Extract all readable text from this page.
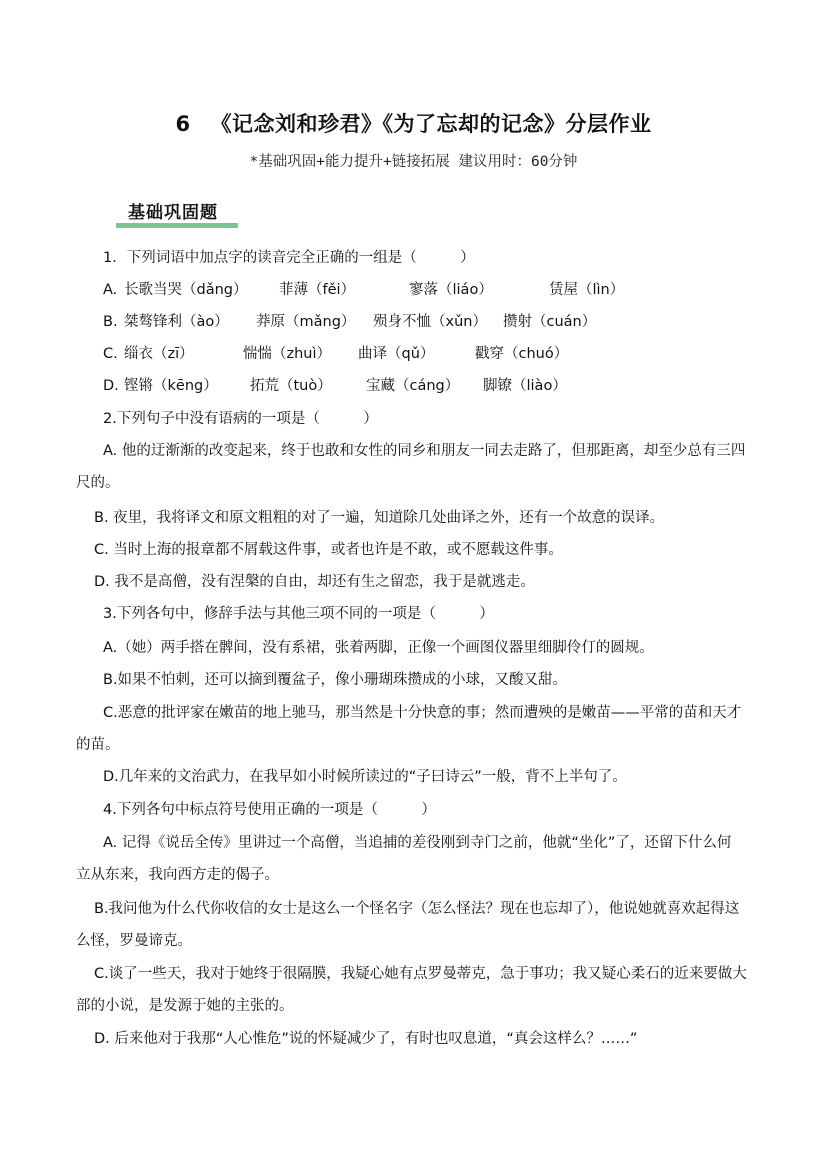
6 《记念刘和珍君》《为了忘却的记念》分层作业
*基础巩固+能力提升+链接拓展 建议用时：60分钟
基础巩固题
1．下列词语中加点字的读音完全正确的一组是（　　　）
A. 长歌当哭（dǎng） 菲薄（fěi）	寥落（liáo）	赁屋（lìn）
B. 桀骜锋利（ào） 莽原（mǎng） 殒身不恤（xǔn） 攒射（cuán）
C. 缁衣（zī）	惴惴（zhuì） 曲译（qǔ）	戳穿（chuó）
D. 铿锵（kēng） 拓荒（tuò） 宝藏（cáng） 脚镣（liào）
2.下列句子中没有语病的一项是（　　　）
A. 他的迂渐渐的改变起来，终于也敢和女性的同乡和朋友一同去走路了，但那距离，却至少总有三四
尺的。
B. 夜里，我将译文和原文粗粗的对了一遍，知道除几处曲译之外，还有一个故意的误译。
C. 当时上海的报章都不屑载这件事，或者也许是不敢，或不愿载这件事。
D. 我不是高僧，没有涅槃的自由，却还有生之留恋，我于是就逃走。
3.下列各句中，修辞手法与其他三项不同的一项是（　　　）
A.（她）两手搭在髀间，没有系裙，张着两脚，正像一个画图仪器里细脚伶仃的圆规。
B.如果不怕刺，还可以摘到覆盆子，像小珊瑚珠攒成的小球，又酸又甜。
C.恶意的批评家在嫩苗的地上驰马，那当然是十分快意的事；然而遭殃的是嫩苗——平常的苗和天才
的苗。
D.几年来的文治武力，在我早如小时候所读过的“子曰诗云”一般，背不上半句了。
4.下列各句中标点符号使用正确的一项是（　　　）
A. 记得《说岳全传》里讲过一个高僧，当追捕的差役刚到寺门之前，他就“坐化”了，还留下什么何
立从东来，我向西方走的偈子。
B.我问他为什么代你收信的女士是这么一个怪名字（怎么怪法？现在也忘却了），他说她就喜欢起得这
么怪，罗曼谛克。
C.谈了一些天，我对于她终于很隔膜，我疑心她有点罗曼蒂克，急于事功；我又疑心柔石的近来要做大
部的小说，是发源于她的主张的。
D. 后来他对于我那“人心惟危”说的怀疑减少了，有时也叹息道，“真会这样么？……”
